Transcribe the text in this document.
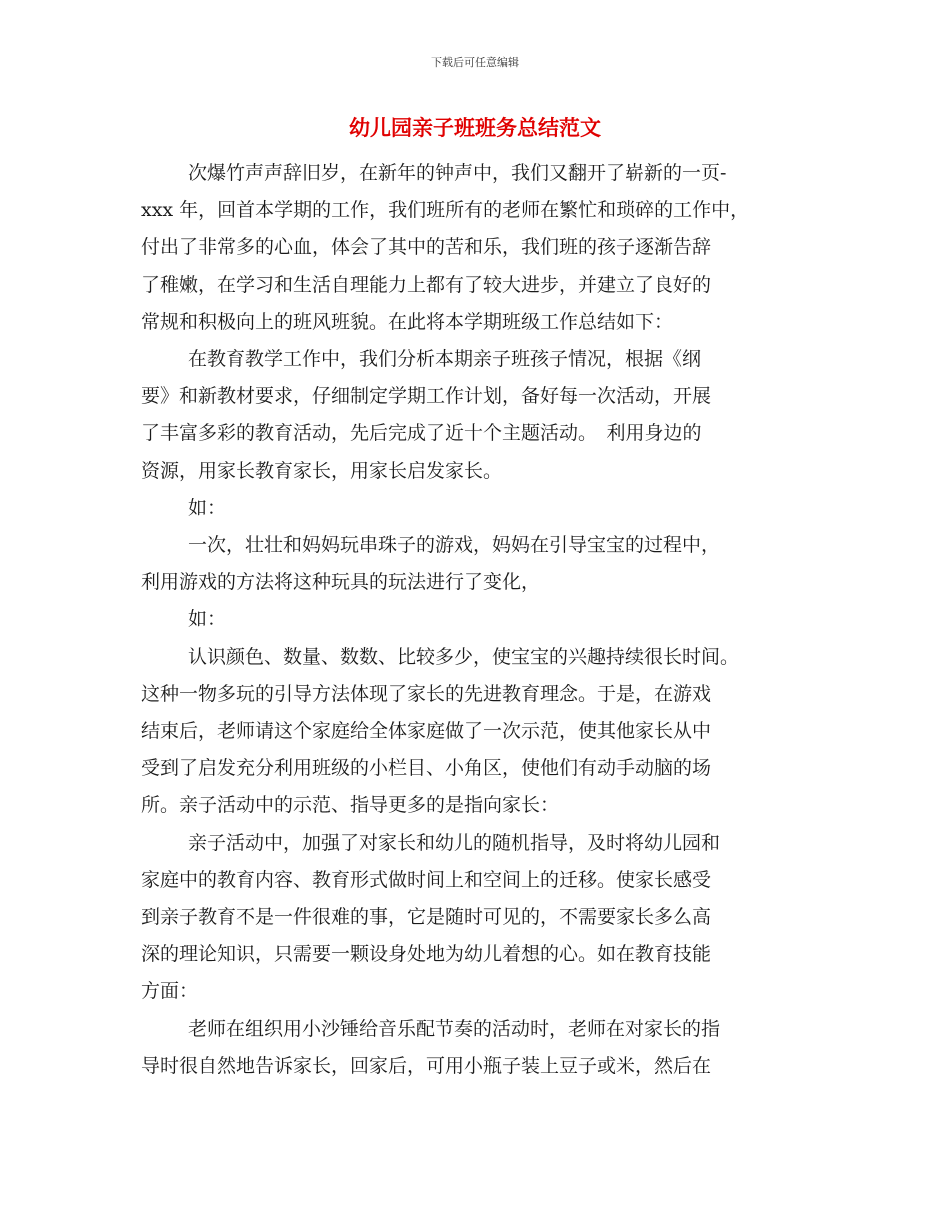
下载后可任意编辑
幼儿园亲子班班务总结范文

次爆竹声声辞旧岁，在新年的钟声中，我们又翻开了崭新的一页-
xxx 年，回首本学期的工作，我们班所有的老师在繁忙和琐碎的工作中，
付出了非常多的心血，体会了其中的苦和乐，我们班的孩子逐渐告辞
了稚嫩，在学习和生活自理能力上都有了较大进步，并建立了良好的
常规和积极向上的班风班貌。在此将本学期班级工作总结如下：

在教育教学工作中，我们分析本期亲子班孩子情况，根据《纲
要》和新教材要求，仔细制定学期工作计划，备好每一次活动，开展
了丰富多彩的教育活动，先后完成了近十个主题活动。　利用身边的
资源，用家长教育家长，用家长启发家长。

如：

一次，壮壮和妈妈玩串珠子的游戏，妈妈在引导宝宝的过程中，
利用游戏的方法将这种玩具的玩法进行了变化，

如：

认识颜色、数量、数数、比较多少，使宝宝的兴趣持续很长时间。
这种一物多玩的引导方法体现了家长的先进教育理念。于是，在游戏
结束后，老师请这个家庭给全体家庭做了一次示范，使其他家长从中
受到了启发充分利用班级的小栏目、小角区，使他们有动手动脑的场
所。亲子活动中的示范、指导更多的是指向家长：

亲子活动中，加强了对家长和幼儿的随机指导，及时将幼儿园和
家庭中的教育内容、教育形式做时间上和空间上的迁移。使家长感受
到亲子教育不是一件很难的事，它是随时可见的，不需要家长多么高
深的理论知识，只需要一颗设身处地为幼儿着想的心。如在教育技能
方面：

老师在组织用小沙锤给音乐配节奏的活动时，老师在对家长的指
导时很自然地告诉家长，回家后，可用小瓶子装上豆子或米，然后在
